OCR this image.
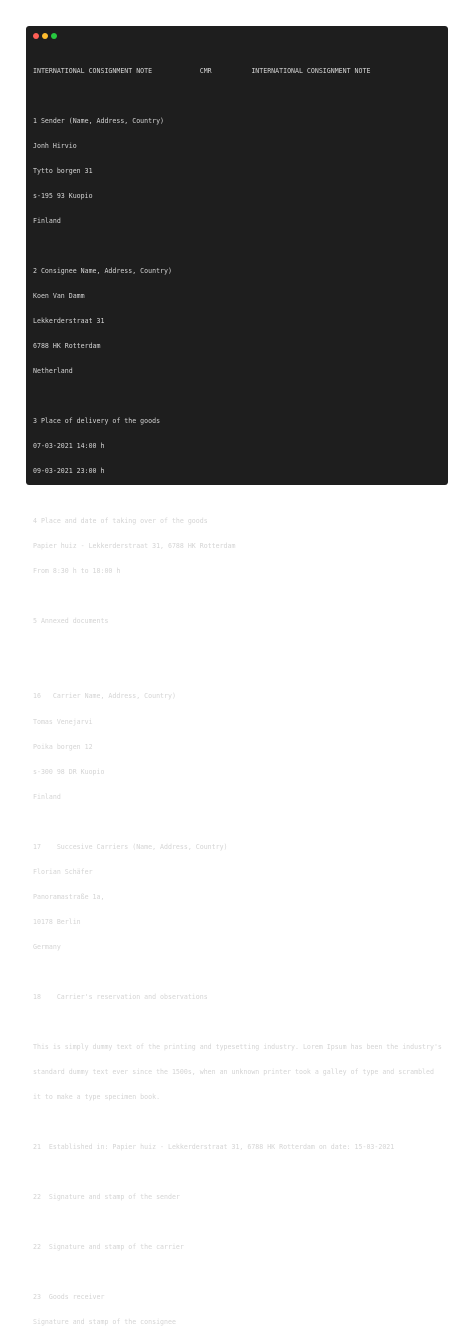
INTERNATIONAL CONSIGNMENT NOTE            CMR          INTERNATIONAL CONSIGNMENT NOTE

1 Sender (Name, Address, Country)

Jonh Hirvio

Tytto borgen 31

s-195 93 Kuopio

Finland

2 Consignee Name, Address, Country)

Koen Van Damm

Lekkerderstraat 31

6788 HK Rotterdam

Netherland

3 Place of delivery of the goods

07-03-2021 14:00 h

09-03-2021 23:00 h

4 Place and date of taking over of the goods

Papier huiz - Lekkerderstraat 31, 6788 HK Rotterdam

From 8:30 h to 18:00 h

5 Annexed documents

16   Carrier Name, Address, Country)

Tomas Venejarvi

Poika borgen 12

s-300 98 DR Kuopio

Finland

17    Succesive Carriers (Name, Address, Country)

Florian Schäfer

Panoramastraße 1a,

10178 Berlin

Germany

18    Carrier's reservation and observations

This is simply dummy text of the printing and typesetting industry. Lorem Ipsum has been the industry's

standard dummy text ever since the 1500s, when an unknown printer took a galley of type and scrambled

it to make a type specimen book.

21  Established in: Papier huiz - Lekkerderstraat 31, 6788 HK Rotterdam on date: 15-03-2021

22  Signature and stamp of the sender

22  Signature and stamp of the carrier

23  Goods receiver

Signature and stamp of the consignee
